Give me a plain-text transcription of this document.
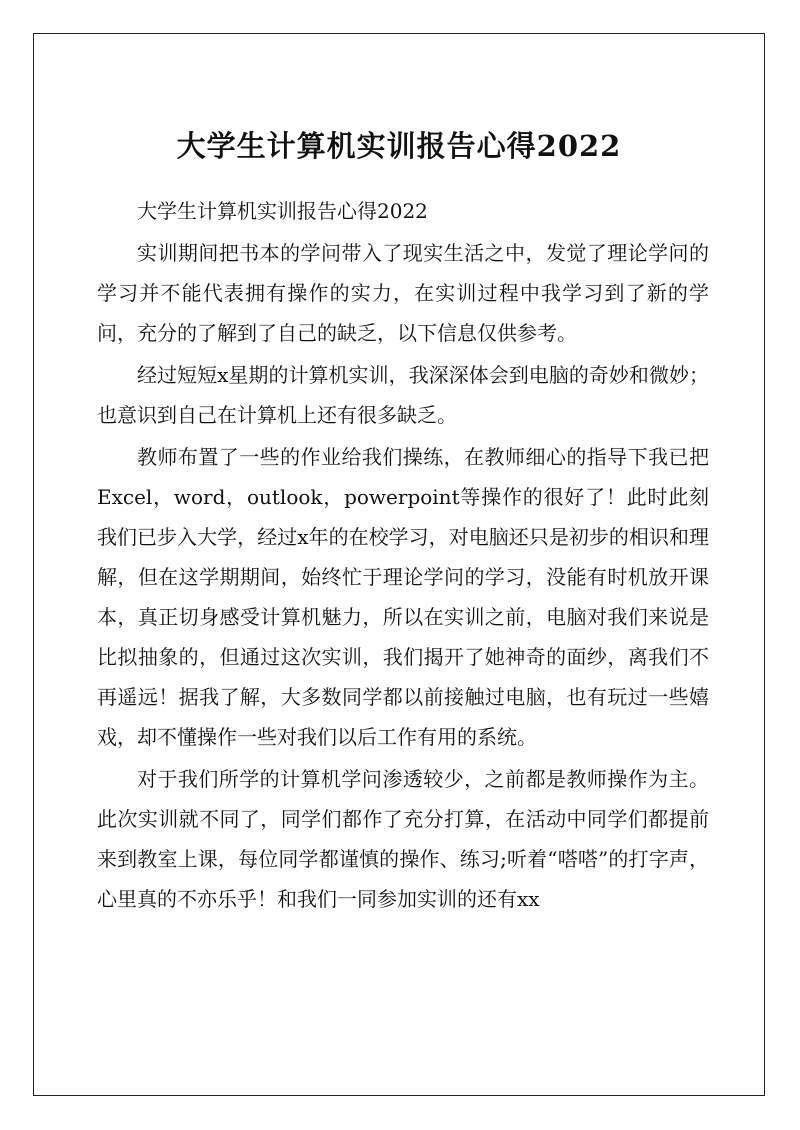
大学生计算机实训报告心得2022

大学生计算机实训报告心得2022

实训期间把书本的学问带入了现实生活之中，发觉了理论学问的学习并不能代表拥有操作的实力，在实训过程中我学习到了新的学问，充分的了解到了自己的缺乏，以下信息仅供参考。

经过短短x星期的计算机实训，我深深体会到电脑的奇妙和微妙；也意识到自己在计算机上还有很多缺乏。

教师布置了一些的作业给我们操练，在教师细心的指导下我已把Excel，word，outlook，powerpoint等操作的很好了！此时此刻我们已步入大学，经过x年的在校学习，对电脑还只是初步的相识和理解，但在这学期期间，始终忙于理论学问的学习，没能有时机放开课本，真正切身感受计算机魅力，所以在实训之前，电脑对我们来说是比拟抽象的，但通过这次实训，我们揭开了她神奇的面纱，离我们不再遥远！据我了解，大多数同学都以前接触过电脑，也有玩过一些嬉戏，却不懂操作一些对我们以后工作有用的系统。

对于我们所学的计算机学问渗透较少，之前都是教师操作为主。此次实训就不同了，同学们都作了充分打算，在活动中同学们都提前来到教室上课，每位同学都谨慎的操作、练习;听着“嗒嗒”的打字声，心里真的不亦乐乎！和我们一同参加实训的还有xx
